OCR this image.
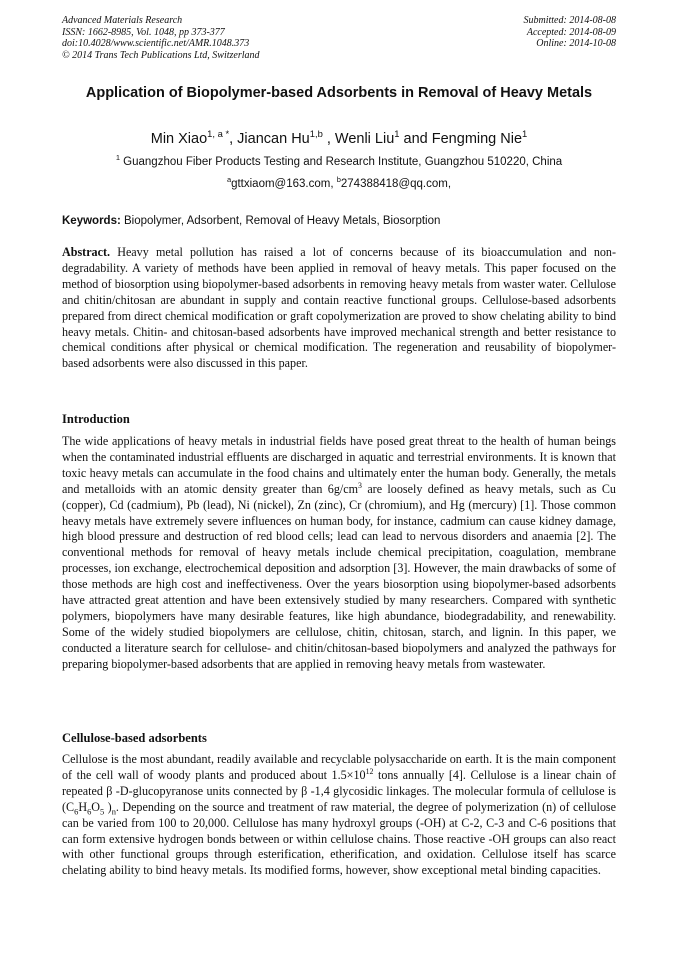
Advanced Materials Research
ISSN: 1662-8985, Vol. 1048, pp 373-377
doi:10.4028/www.scientific.net/AMR.1048.373
© 2014 Trans Tech Publications Ltd, Switzerland
Submitted: 2014-08-08
Accepted: 2014-08-09
Online: 2014-10-08
Application of Biopolymer-based Adsorbents in Removal of Heavy Metals
Min Xiao$^{1, a *}$, Jiancan Hu$^{1,b}$ , Wenli Liu$^1$ and Fengming Nie$^1$
$^1$ Guangzhou Fiber Products Testing and Research Institute, Guangzhou 510220, China
$^a$gttxiaom@163.com, $^b$274388418@qq.com,
Keywords: Biopolymer, Adsorbent, Removal of Heavy Metals, Biosorption
Abstract. Heavy metal pollution has raised a lot of concerns because of its bioaccumulation and non-degradability. A variety of methods have been applied in removal of heavy metals. This paper focused on the method of biosorption using biopolymer-based adsorbents in removing heavy metals from waster water. Cellulose and chitin/chitosan are abundant in supply and contain reactive functional groups. Cellulose-based adsorbents prepared from direct chemical modification or graft copolymerization are proved to show chelating ability to bind heavy metals. Chitin- and chitosan-based adsorbents have improved mechanical strength and better resistance to chemical conditions after physical or chemical modification. The regeneration and reusability of biopolymer-based adsorbents were also discussed in this paper.
Introduction
The wide applications of heavy metals in industrial fields have posed great threat to the health of human beings when the contaminated industrial effluents are discharged in aquatic and terrestrial environments. It is known that toxic heavy metals can accumulate in the food chains and ultimately enter the human body. Generally, the metals and metalloids with an atomic density greater than $6g/cm^3$ are loosely defined as heavy metals, such as Cu (copper), Cd (cadmium), Pb (lead), Ni (nickel), Zn (zinc), Cr (chromium), and Hg (mercury) [1]. Those common heavy metals have extremely severe influences on human body, for instance, cadmium can cause kidney damage, high blood pressure and destruction of red blood cells; lead can lead to nervous disorders and anaemia [2]. The conventional methods for removal of heavy metals include chemical precipitation, coagulation, membrane processes, ion exchange, electrochemical deposition and adsorption [3]. However, the main drawbacks of some of those methods are high cost and ineffectiveness. Over the years biosorption using biopolymer-based adsorbents have attracted great attention and have been extensively studied by many researchers. Compared with synthetic polymers, biopolymers have many desirable features, like high abundance, biodegradability, and renewability. Some of the widely studied biopolymers are cellulose, chitin, chitosan, starch, and lignin. In this paper, we conducted a literature search for cellulose- and chitin/chitosan-based biopolymers and analyzed the pathways for preparing biopolymer-based adsorbents that are applied in removing heavy metals from wastewater.
Cellulose-based adsorbents
Cellulose is the most abundant, readily available and recyclable polysaccharide on earth. It is the main component of the cell wall of woody plants and produced about $1.5\times 10^{12}$ tons annually [4]. Cellulose is a linear chain of repeated β -D-glucopyranose units connected by β -1,4 glycosidic linkages. The molecular formula of cellulose is ($C_6H_6O_5$ )$_n$. Depending on the source and treatment of raw material, the degree of polymerization (n) of cellulose can be varied from 100 to 20,000. Cellulose has many hydroxyl groups (-OH) at C-2, C-3 and C-6 positions that can form extensive hydrogen bonds between or within cellulose chains. Those reactive -OH groups can also react with other functional groups through esterification, etherification, and oxidation. Cellulose itself has scarce chelating ability to bind heavy metals. Its modified forms, however, show exceptional metal binding capacities.
